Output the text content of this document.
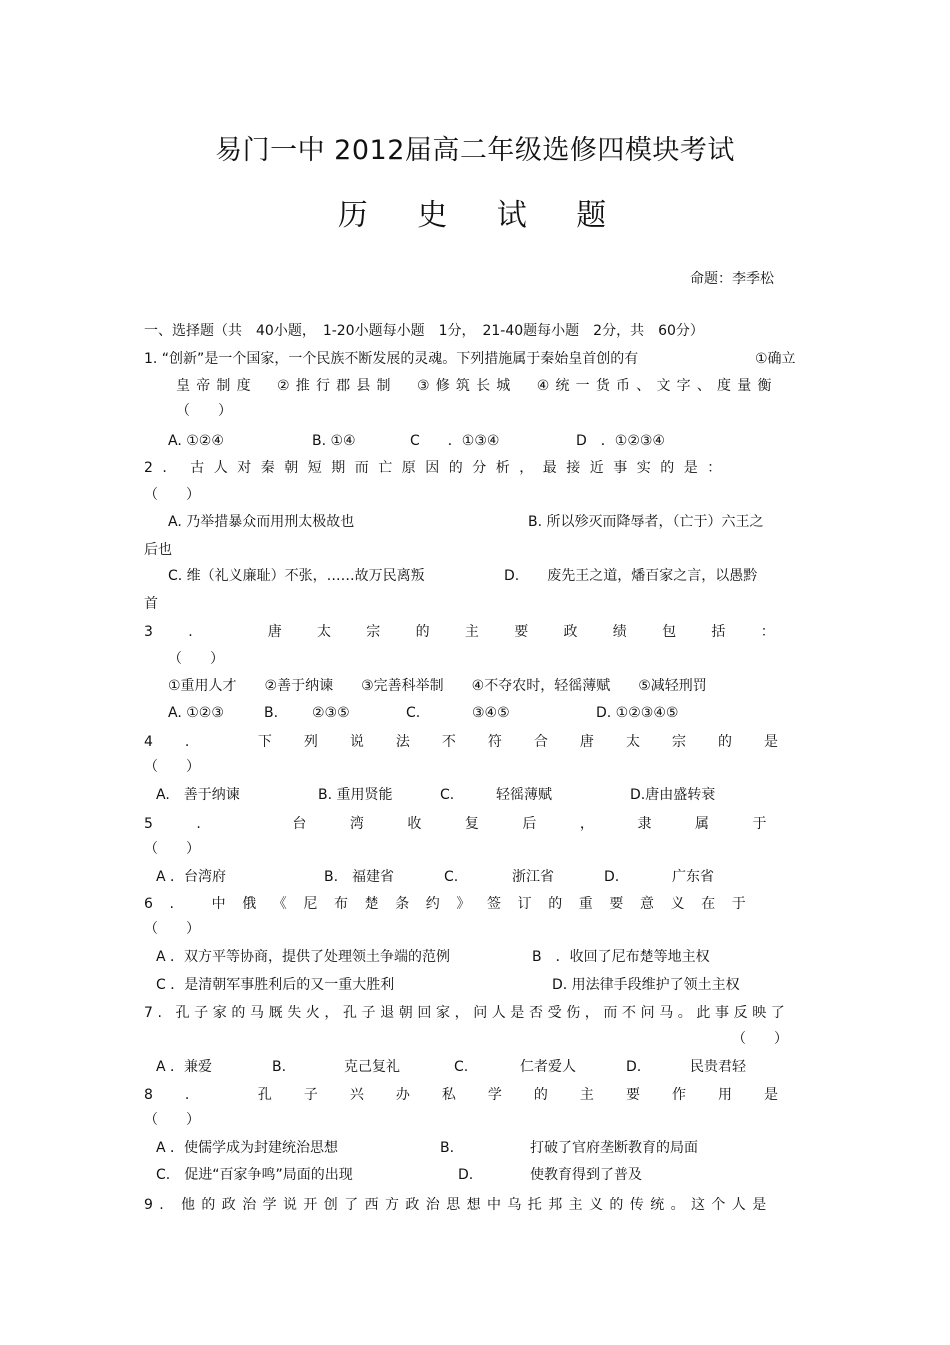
易门一中 2012届高二年级选修四模块考试
历 史 试 题
命题：李季松
一、选择题（共　40小题，　1-20小题每小题　1分，　21-40题每小题　2分，共　60分）
1. “创新”是一个国家，一个民族不断发展的灵魂。下列措施属于秦始皇首创的有	①确立
皇帝制度　②推行郡县制　③修筑长城　④统一货币、文字、度量衡
（　　）
A. ①②④	B. ①④	C　　．①③④	D　．①②③④
2. 古人对秦朝短期而亡原因的分析，最接近事实的是：
（　　）
A. 乃举措暴众而用刑太极故也	B. 所以殄灭而降辱者，（亡于）六王之
后也
C. 维（礼义廉耻）不张，……故万民离叛	D.　　废先王之道，燔百家之言，以愚黔
首
3. 唐太宗的主要政绩包括：
（　　）
①重用人才　　②善于纳谏　　③完善科举制　　④不夺农时，轻徭薄赋　　⑤减轻刑罚
A. ①②③	B. ②③⑤	C.	③④⑤	D. ①②③④⑤
4. 下列说法不符合唐太宗的是
（　　）
A.　善于纳谏	B. 重用贤能	C.	轻徭薄赋	D.唐由盛转衰
5. 台湾收复后，隶属于
（　　）
A ．台湾府	B.　福建省	C.	浙江省	D.	广东省
6. 中俄《尼布楚条约》签订的重要意义在于
（　　）
A ．双方平等协商，提供了处理领土争端的范例	B　．收回了尼布楚等地主权
C ．是清朝军事胜利后的又一重大胜利	D. 用法律手段维护了领土主权
7. 孔子家的马厩失火，孔子退朝回家，问人是否受伤，而不问马。此事反映了
（　　）
A ．兼爱	B.	克己复礼	C.	仁者爱人	D.	民贵君轻
8. 孔子兴办私学的主要作用是
（　　）
A ．使儒学成为封建统治思想	B.	打破了官府垄断教育的局面
C.　促进“百家争鸣”局面的出现	D.	使教育得到了普及
9. 他的政治学说开创了西方政治思想中乌托邦主义的传统。这个人是
